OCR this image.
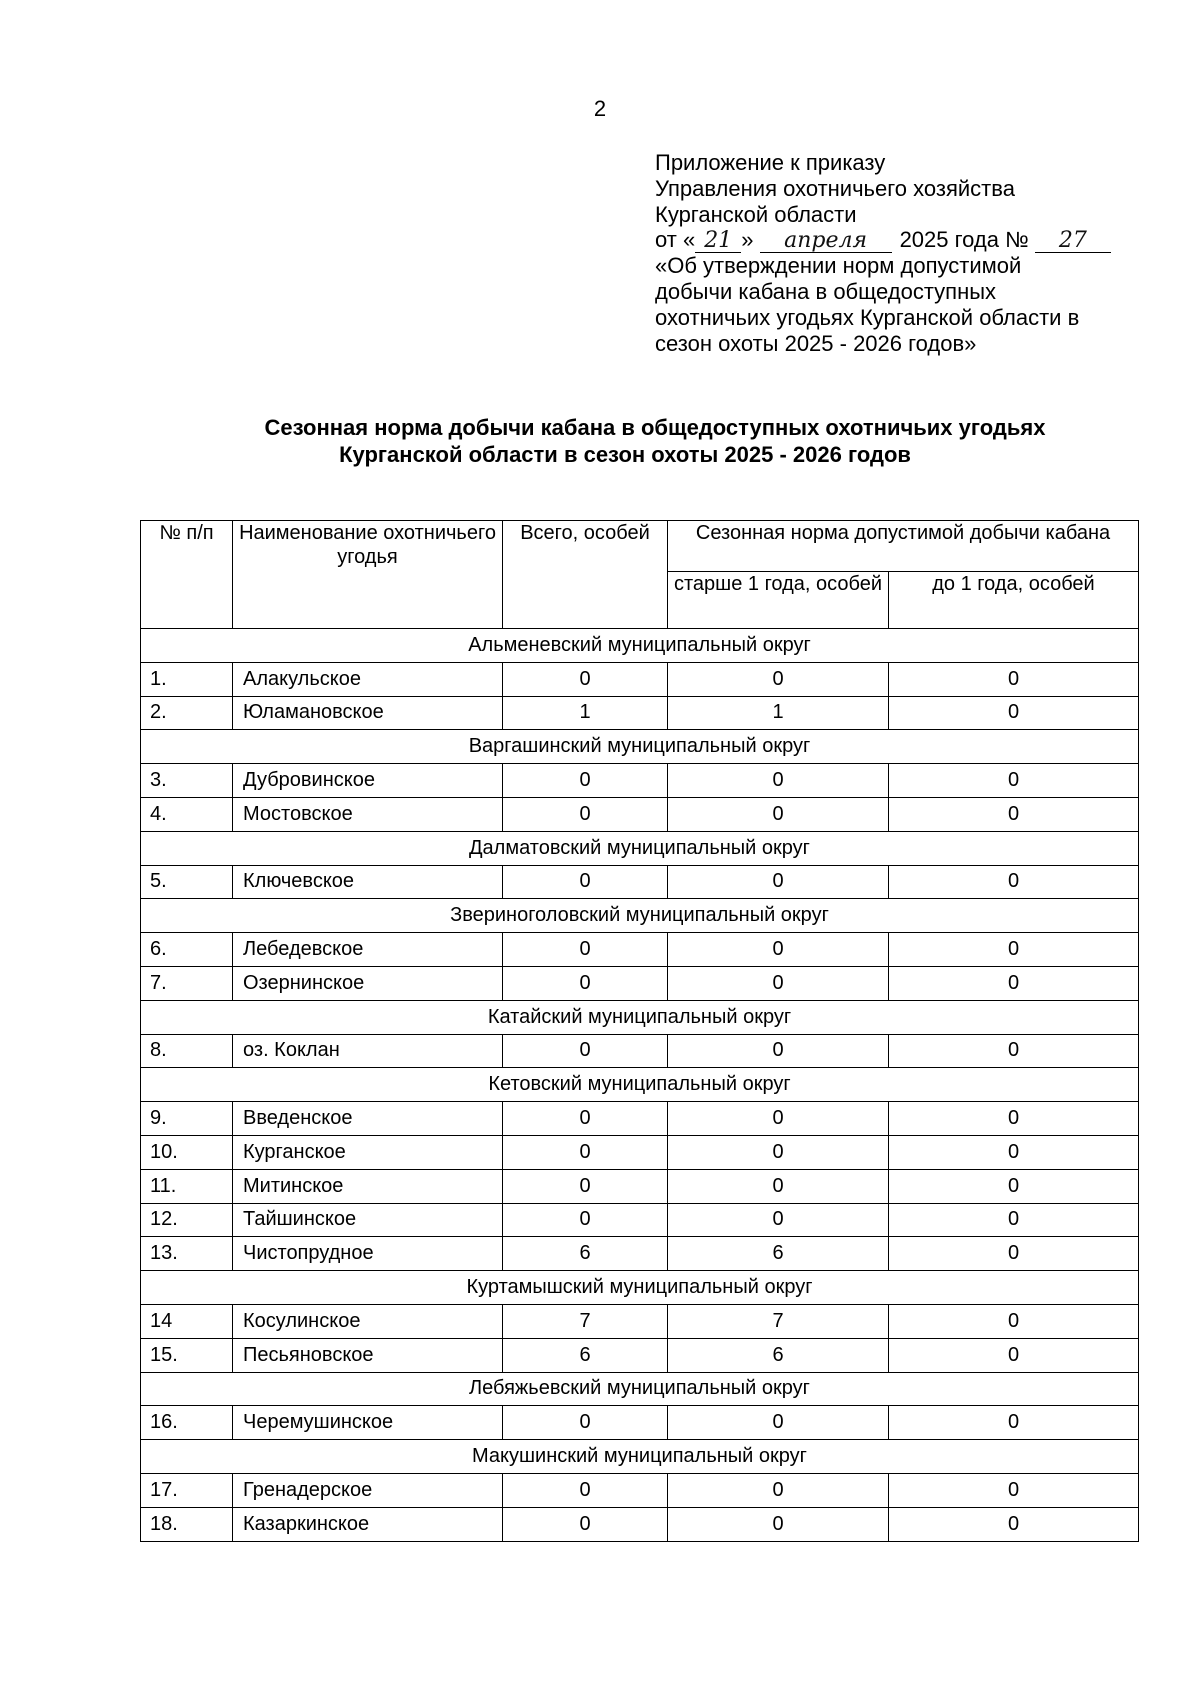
2
Приложение к приказу
Управления охотничьего хозяйства
Курганской области
от « 21 » апреля 2025 года № 27
«Об утверждении норм допустимой
добычи кабана в общедоступных
охотничьих угодьях Курганской области в
сезон охоты 2025 - 2026 годов»
Сезонная норма добычи кабана в общедоступных охотничьих угодьях
Курганской области в сезон охоты 2025 - 2026 годов
№ п/п	Наименование охотничьего угодья	Всего, особей	Сезонная норма допустимой добычи кабана	
			старше 1 года, особей	до 1 года, особей
Альменевский муниципальный округ				
1.	Алакульское	0	0	0
2.	Юламановское	1	1	0
Варгашинский муниципальный округ				
3.	Дубровинское	0	0	0
4.	Мостовское	0	0	0
Далматовский муниципальный округ				
5.	Ключевское	0	0	0
Звериноголовский муниципальный округ				
6.	Лебедевское	0	0	0
7.	Озернинское	0	0	0
Катайский муниципальный округ				
8.	оз. Коклан	0	0	0
Кетовский муниципальный округ				
9.	Введенское	0	0	0
10.	Курганское	0	0	0
11.	Митинское	0	0	0
12.	Тайшинское	0	0	0
13.	Чистопрудное	6	6	0
Куртамышский муниципальный округ				
14	Косулинское	7	7	0
15.	Песьяновское	6	6	0
Лебяжьевский муниципальный округ				
16.	Черемушинское	0	0	0
Макушинский муниципальный округ				
17.	Гренадерское	0	0	0
18.	Казаркинское	0	0	0
